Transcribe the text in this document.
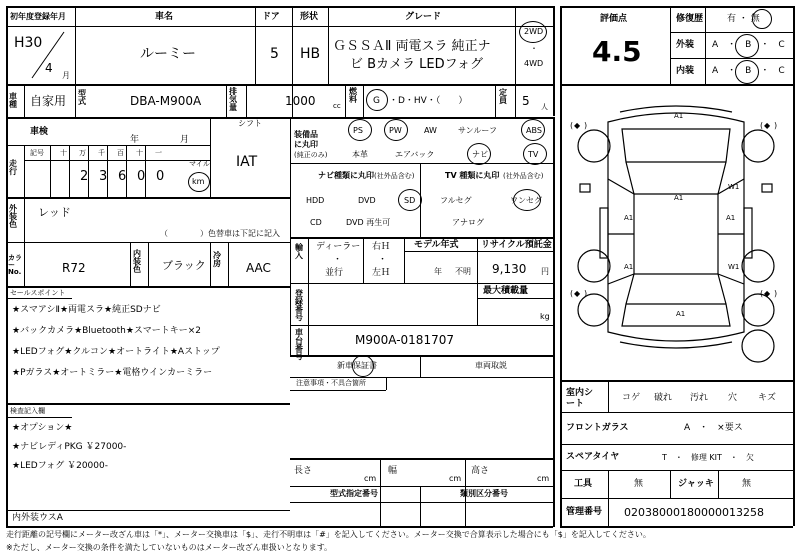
初年度登録年月	車名	ドア 形状	グレード
H30
4
月
ルーミー	5 HB ＧＳＳＡⅡ 両電スラ 純正ナ
ビ Bカメラ LEDフォグ
2WD
・
4WD
車種 自家用
型式	DBA-M900A
排気量	1000 cc
燃料 G　・D・HV・（　　）
定員 5 人
評価点
4.5
修復歴	有 ・ 無
外装 A　・　B　・　C
内装 A　・　B　・　C
車検
年	月
シフト
IAT
走行
記号 十 万 千 百 十 一
2 3 6 0 0
マイル
km
装備品に丸印
(純正のみ)
PS	PW	AW	サンルーフ	ABS
本革	エアバック	ナビ	TV
ナビ種類に丸印 (社外品含む)
HDD	DVD	SD
CD	DVD 再生可
TV 種類に丸印 (社外品含む)
フルセグ	ワンセグ
アナログ
外装色
レッド
（　　　　）色替車は下記に記入
カラーNo.	R72
内装色 ブラック
冷房 AAC
輸入
ディーラー
・
並行
右Ｈ
・
左Ｈ
モデル年式
年 不明
リサイクル預託金
9,130 円
登録番号
最大積載量
kg
車台番号
M900A-0181707
新車保証書	車両取説
注意事項・不具合箇所
セールスポイント
★スマアシⅡ★両電スラ★純正SDナビ
★バックカメラ★Bluetooth★スマートキー×2
★LEDフォグ★クルコン★オートライト★Aストップ
★Pガラス★オートミラー★電格ウインカーミラー
検査記入欄
★オプション★
★ナビレディPKG ￥27000-
★LEDフォグ ￥20000-
内外装ウスA
長さ
cm
幅
cm
高さ
cm
型式指定番号	類別区分番号
( ◆ )	( ◆ )
( ◆ )	( ◆ )
A1
A1
A1
W1
A1
W1
A1
A1
室内シート
コゲ 破れ 汚れ 穴 キズ
フロントガラス	A　・　×要ス
スペアタイヤ	T　・　修理 KIT　・　欠
工具	無	ジャッキ	無
管理番号 020380001800000132​58
走行距離の記号欄にメーター改ざん車は「*」、メーター交換車は「$」、走行不明車は「#」を記入してください。メーター交換で合算表示した場合にも「$」を記入してください。
※ただし、メーター交換の条件を満たしていないものはメーター改ざん車扱いとなります。
